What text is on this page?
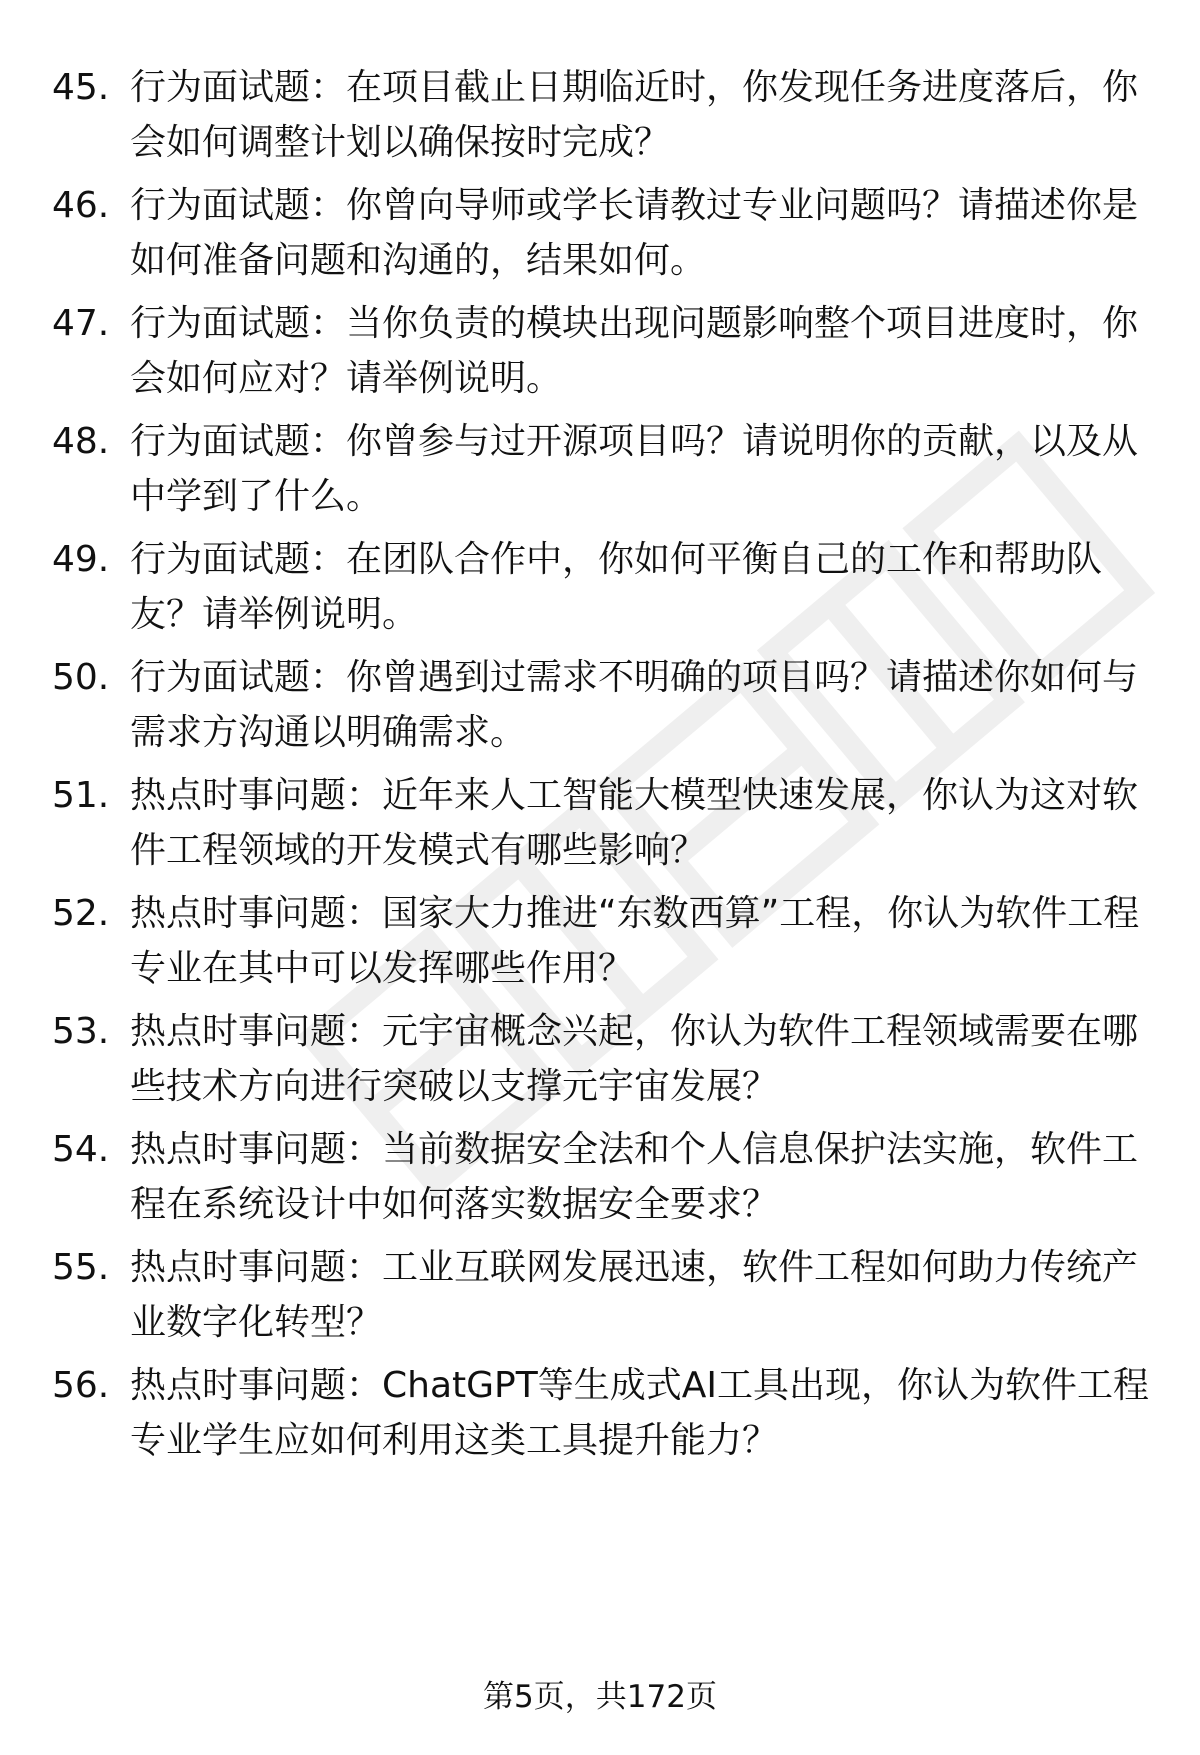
45. 行为面试题：在项目截止日期临近时，你发现任务进度落后，你会如何调整计划以确保按时完成？
46. 行为面试题：你曾向导师或学长请教过专业问题吗？请描述你是如何准备问题和沟通的，结果如何。
47. 行为面试题：当你负责的模块出现问题影响整个项目进度时，你会如何应对？请举例说明。
48. 行为面试题：你曾参与过开源项目吗？请说明你的贡献，以及从中学到了什么。
49. 行为面试题：在团队合作中，你如何平衡自己的工作和帮助队友？请举例说明。
50. 行为面试题：你曾遇到过需求不明确的项目吗？请描述你如何与需求方沟通以明确需求。
51. 热点时事问题：近年来人工智能大模型快速发展，你认为这对软件工程领域的开发模式有哪些影响？
52. 热点时事问题：国家大力推进“东数西算”工程，你认为软件工程专业在其中可以发挥哪些作用？
53. 热点时事问题：元宇宙概念兴起，你认为软件工程领域需要在哪些技术方向进行突破以支撑元宇宙发展？
54. 热点时事问题：当前数据安全法和个人信息保护法实施，软件工程在系统设计中如何落实数据安全要求？
55. 热点时事问题：工业互联网发展迅速，软件工程如何助力传统产业数字化转型？
56. 热点时事问题：ChatGPT等生成式AI工具出现，你认为软件工程专业学生应如何利用这类工具提升能力？
第5页，共172页
